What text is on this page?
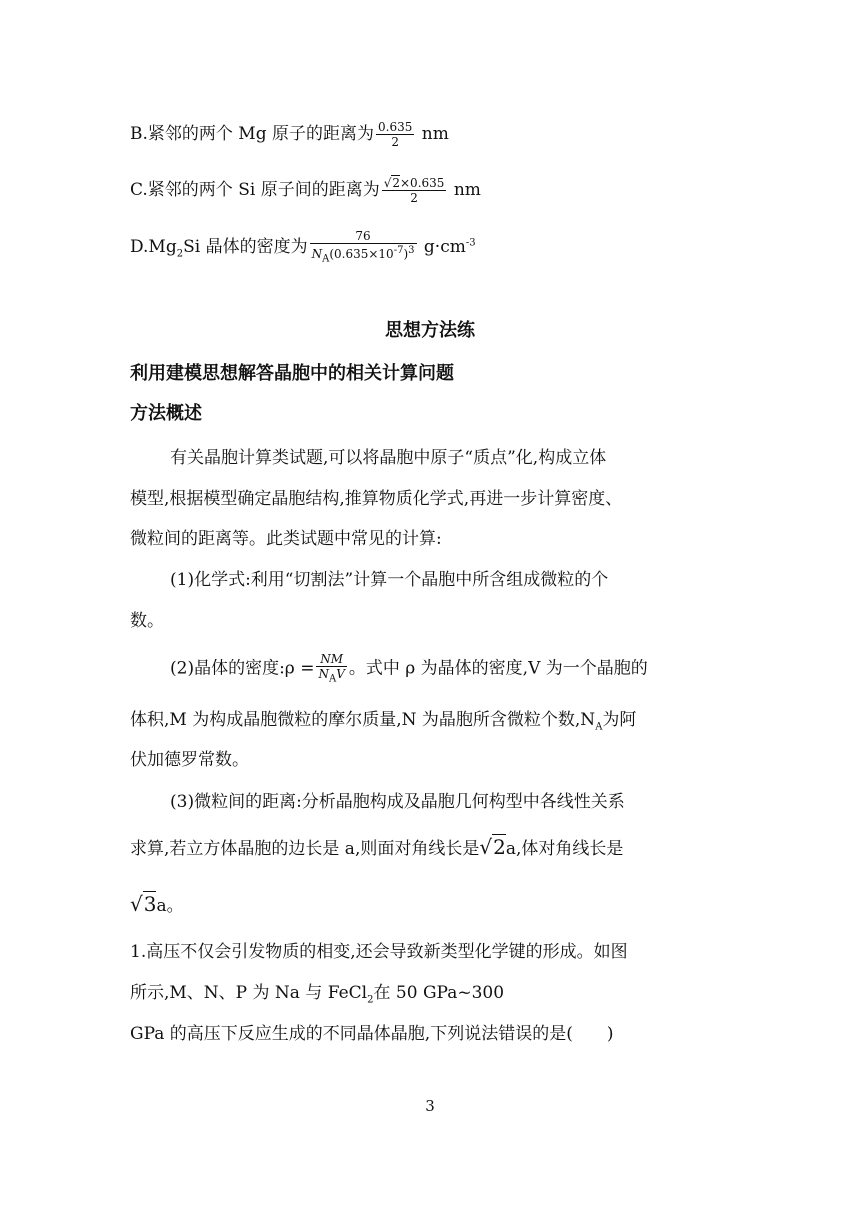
B.紧邻的两个 Mg 原子的距离为 $\frac{0.635}{2}$ nm
C.紧邻的两个 Si 原子间的距离为 $\frac{√2\times 0.635}{2}$ nm
$D.Mg_2Si$ 晶体的密度为 $\frac{76}{N_A(0.635\times 10^{-7})^3} g\cdot cm^{-3}$
思想方法练
利用建模思想解答晶胞中的相关计算问题
方法概述
有关晶胞计算类试题,可以将晶胞中原子“质点”化,构成立体
模型,根据模型确定晶胞结构,推算物质化学式,再进一步计算密度、
微粒间的距离等。此类试题中常见的计算:
(1)化学式:利用“切割法”计算一个晶胞中所含组成微粒的个
数。
(2)晶体的密度:ρ = $\frac{NM}{N_AV}$ 。式中 ρ 为晶体的密度,V 为一个晶胞的
体积,M 为构成晶胞微粒的摩尔质量,N 为晶胞所含微粒个数$,N_A$为阿
伏加德罗常数。
(3)微粒间的距离:分析晶胞构成及晶胞几何构型中各线性关系
求算,若立方体晶胞的边长是 a,则面对角线长是√2a,体对角线长是
√3a。
1.高压不仅会引发物质的相变,还会导致新类型化学键的形成。如图
所示,M、N、P 为 Na 与 FeCl$_2$在 50 GPa~300
GPa 的高压下反应生成的不同晶体晶胞,下列说法错误的是(　　)
3
